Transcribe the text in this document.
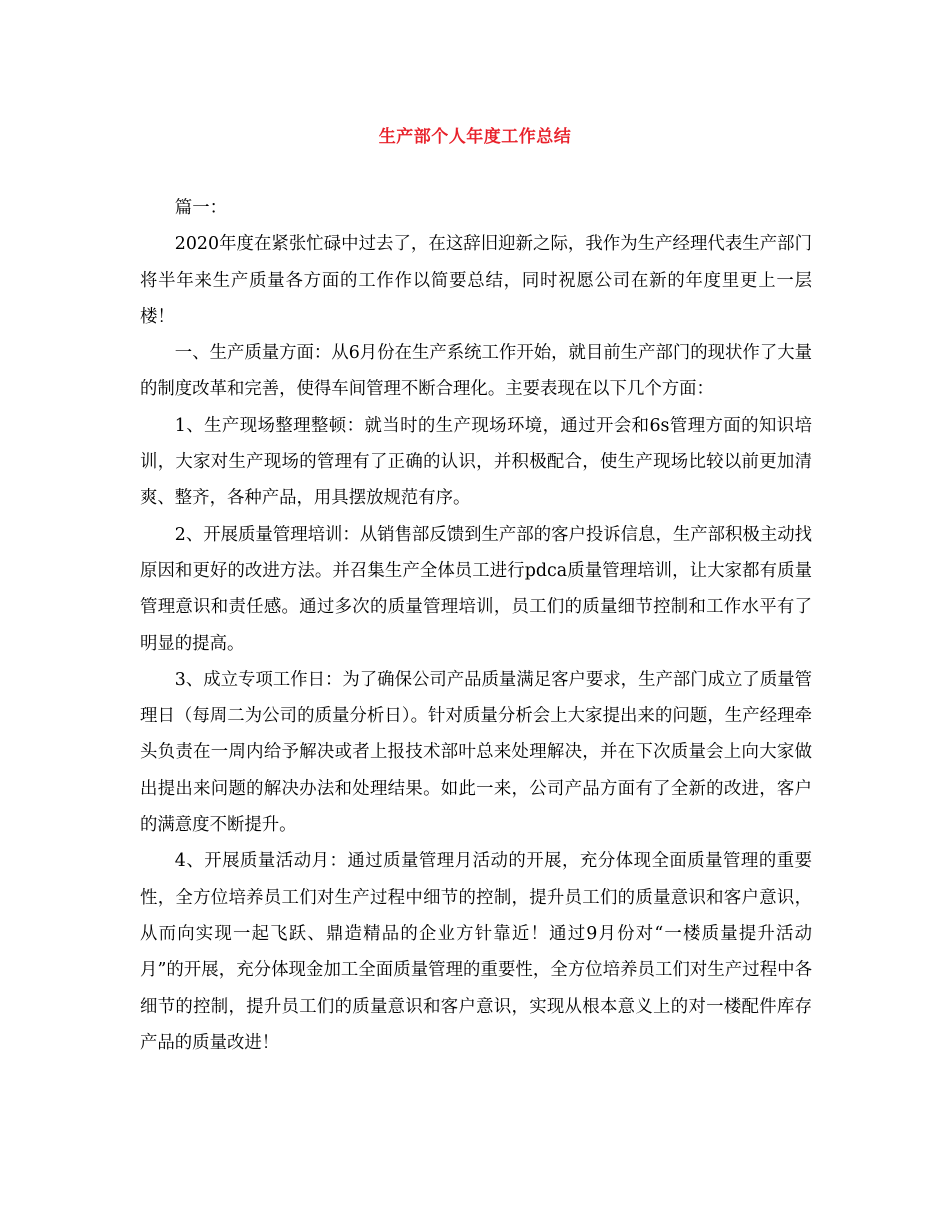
生产部个人年度工作总结

篇一：

2020年度在紧张忙碌中过去了，在这辞旧迎新之际，我作为生产经理代表生产部门将半年来生产质量各方面的工作作以简要总结，同时祝愿公司在新的年度里更上一层楼！

一、生产质量方面：从6月份在生产系统工作开始，就目前生产部门的现状作了大量的制度改革和完善，使得车间管理不断合理化。主要表现在以下几个方面：

1、生产现场整理整顿：就当时的生产现场环境，通过开会和6s管理方面的知识培训，大家对生产现场的管理有了正确的认识，并积极配合，使生产现场比较以前更加清爽、整齐，各种产品，用具摆放规范有序。

2、开展质量管理培训：从销售部反馈到生产部的客户投诉信息，生产部积极主动找原因和更好的改进方法。并召集生产全体员工进行pdca质量管理培训，让大家都有质量管理意识和责任感。通过多次的质量管理培训，员工们的质量细节控制和工作水平有了明显的提高。

3、成立专项工作日：为了确保公司产品质量满足客户要求，生产部门成立了质量管理日（每周二为公司的质量分析日）。针对质量分析会上大家提出来的问题，生产经理牵头负责在一周内给予解决或者上报技术部叶总来处理解决，并在下次质量会上向大家做出提出来问题的解决办法和处理结果。如此一来，公司产品方面有了全新的改进，客户的满意度不断提升。

4、开展质量活动月：通过质量管理月活动的开展，充分体现全面质量管理的重要性，全方位培养员工们对生产过程中细节的控制，提升员工们的质量意识和客户意识，从而向实现一起飞跃、鼎造精品的企业方针靠近！通过9月份对“一楼质量提升活动月”的开展，充分体现金加工全面质量管理的重要性，全方位培养员工们对生产过程中各细节的控制，提升员工们的质量意识和客户意识，实现从根本意义上的对一楼配件库存产品的质量改进！
